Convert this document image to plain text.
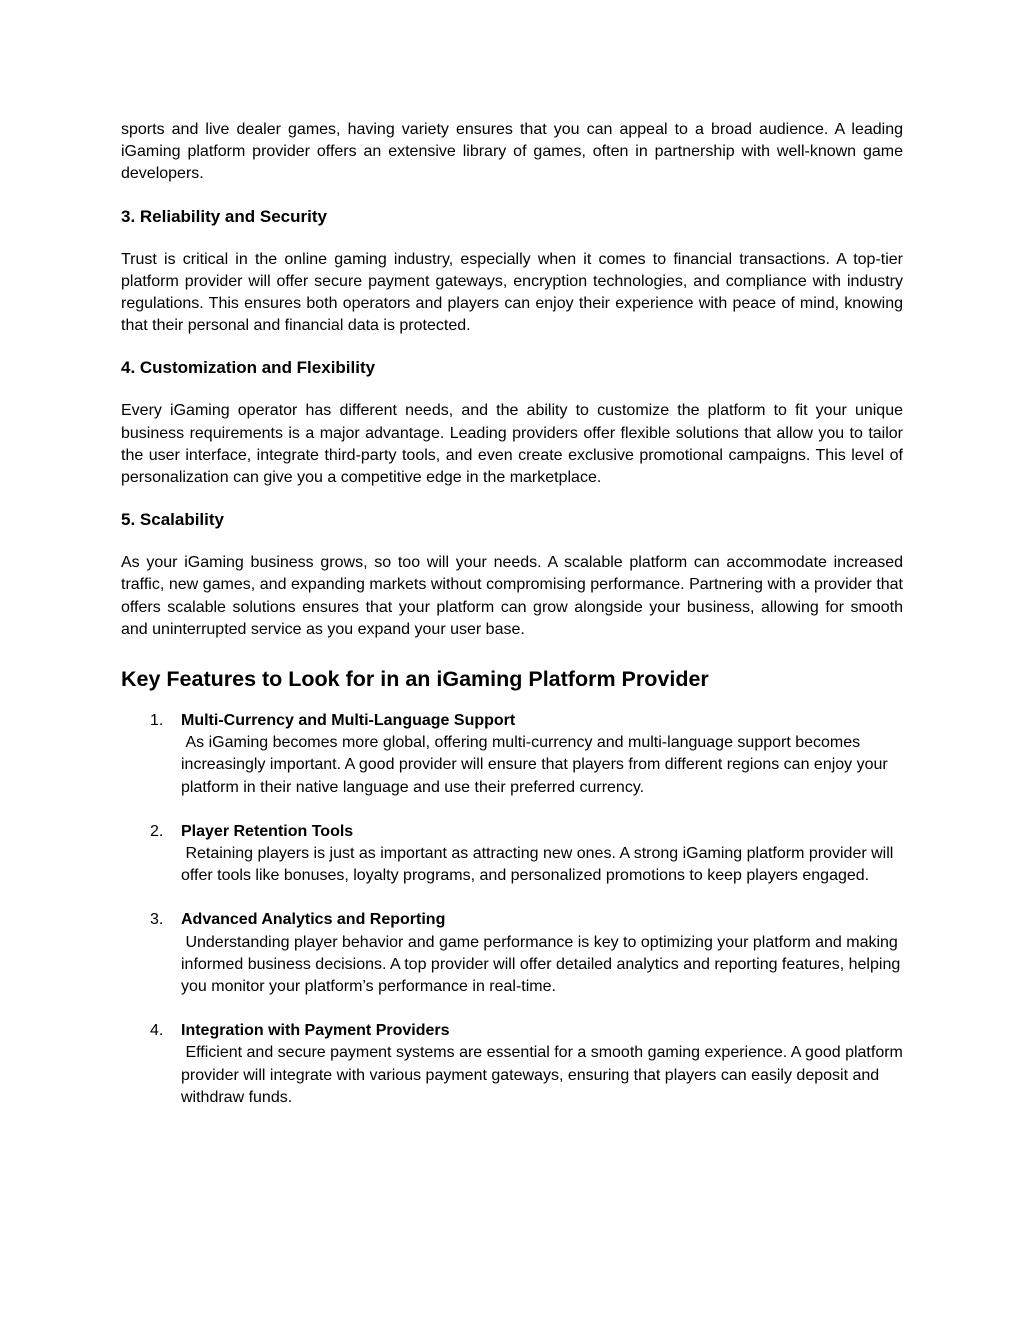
sports and live dealer games, having variety ensures that you can appeal to a broad audience. A leading iGaming platform provider offers an extensive library of games, often in partnership with well-known game developers.

3. Reliability and Security

Trust is critical in the online gaming industry, especially when it comes to financial transactions. A top-tier platform provider will offer secure payment gateways, encryption technologies, and compliance with industry regulations. This ensures both operators and players can enjoy their experience with peace of mind, knowing that their personal and financial data is protected.

4. Customization and Flexibility

Every iGaming operator has different needs, and the ability to customize the platform to fit your unique business requirements is a major advantage. Leading providers offer flexible solutions that allow you to tailor the user interface, integrate third-party tools, and even create exclusive promotional campaigns. This level of personalization can give you a competitive edge in the marketplace.

5. Scalability

As your iGaming business grows, so too will your needs. A scalable platform can accommodate increased traffic, new games, and expanding markets without compromising performance. Partnering with a provider that offers scalable solutions ensures that your platform can grow alongside your business, allowing for smooth and uninterrupted service as you expand your user base.

Key Features to Look for in an iGaming Platform Provider
1. Multi-Currency and Multi-Language Support
As iGaming becomes more global, offering multi-currency and multi-language support becomes increasingly important. A good provider will ensure that players from different regions can enjoy your platform in their native language and use their preferred currency.
2. Player Retention Tools
Retaining players is just as important as attracting new ones. A strong iGaming platform provider will offer tools like bonuses, loyalty programs, and personalized promotions to keep players engaged.
3. Advanced Analytics and Reporting
Understanding player behavior and game performance is key to optimizing your platform and making informed business decisions. A top provider will offer detailed analytics and reporting features, helping you monitor your platform’s performance in real-time.
4. Integration with Payment Providers
Efficient and secure payment systems are essential for a smooth gaming experience. A good platform provider will integrate with various payment gateways, ensuring that players can easily deposit and withdraw funds.
